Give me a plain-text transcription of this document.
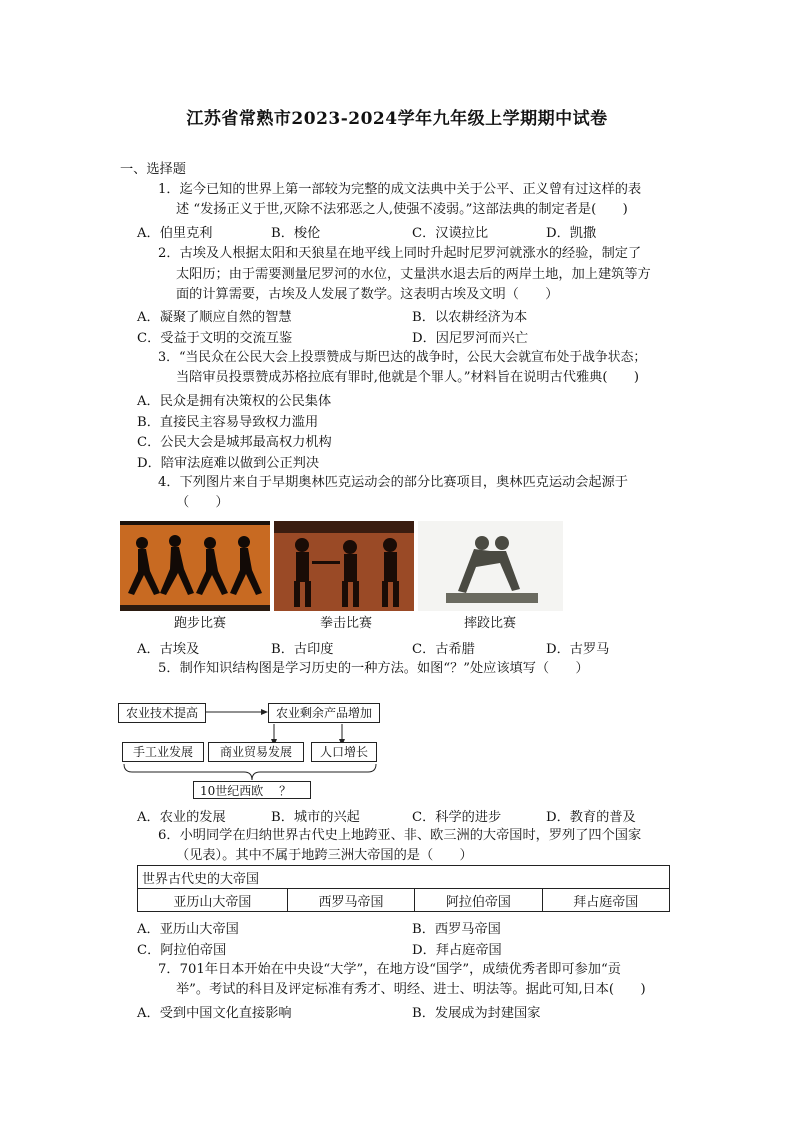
江苏省常熟市2023-2024学年九年级上学期期中试卷
一、选择题
1．迄今已知的世界上第一部较为完整的成文法典中关于公平、正义曾有过这样的表
述 “发扬正义于世,灭除不法邪恶之人,使强不凌弱。”这部法典的制定者是(　　)
A．伯里克利	B．梭伦	C．汉谟拉比	D．凯撒
2．古埃及人根据太阳和天狼星在地平线上同时升起时尼罗河就涨水的经验，制定了
太阳历；由于需要测量尼罗河的水位，丈量洪水退去后的两岸土地，加上建筑等方
面的计算需要，古埃及人发展了数学。这表明古埃及文明（　　）
A．凝聚了顺应自然的智慧	B．以农耕经济为本
C．受益于文明的交流互鉴	D．因尼罗河而兴亡
3．“当民众在公民大会上投票赞成与斯巴达的战争时，公民大会就宣布处于战争状态；
当陪审员投票赞成苏格拉底有罪时,他就是个罪人。”材料旨在说明古代雅典(　　)
A．民众是拥有决策权的公民集体
B．直接民主容易导致权力滥用
C．公民大会是城邦最高权力机构
D．陪审法庭难以做到公正判决
4．下列图片来自于早期奥林匹克运动会的部分比赛项目，奥林匹克运动会起源于
（　　）
跑步比赛	拳击比赛	摔跤比赛
A．古埃及	B．古印度	C．古希腊	D．古罗马
5．制作知识结构图是学习历史的一种方法。如图“？”处应该填写（　　）
农业技术提高	农业剩余产品增加
手工业发展	商业贸易发展	人口增长
10世纪西欧 ？
A．农业的发展	B．城市的兴起	C．科学的进步	D．教育的普及
6．小明同学在归纳世界古代史上地跨亚、非、欧三洲的大帝国时，罗列了四个国家
（见表）。其中不属于地跨三洲大帝国的是（　　）
世界古代史的大帝国
亚历山大帝国	西罗马帝国	阿拉伯帝国	拜占庭帝国
A．亚历山大帝国	B．西罗马帝国
C．阿拉伯帝国	D．拜占庭帝国
7．701年日本开始在中央设“大学”，在地方设“国学”，成绩优秀者即可参加“贡
举”。考试的科目及评定标准有秀才、明经、进士、明法等。据此可知,日本(　　)
A．受到中国文化直接影响	B．发展成为封建国家
